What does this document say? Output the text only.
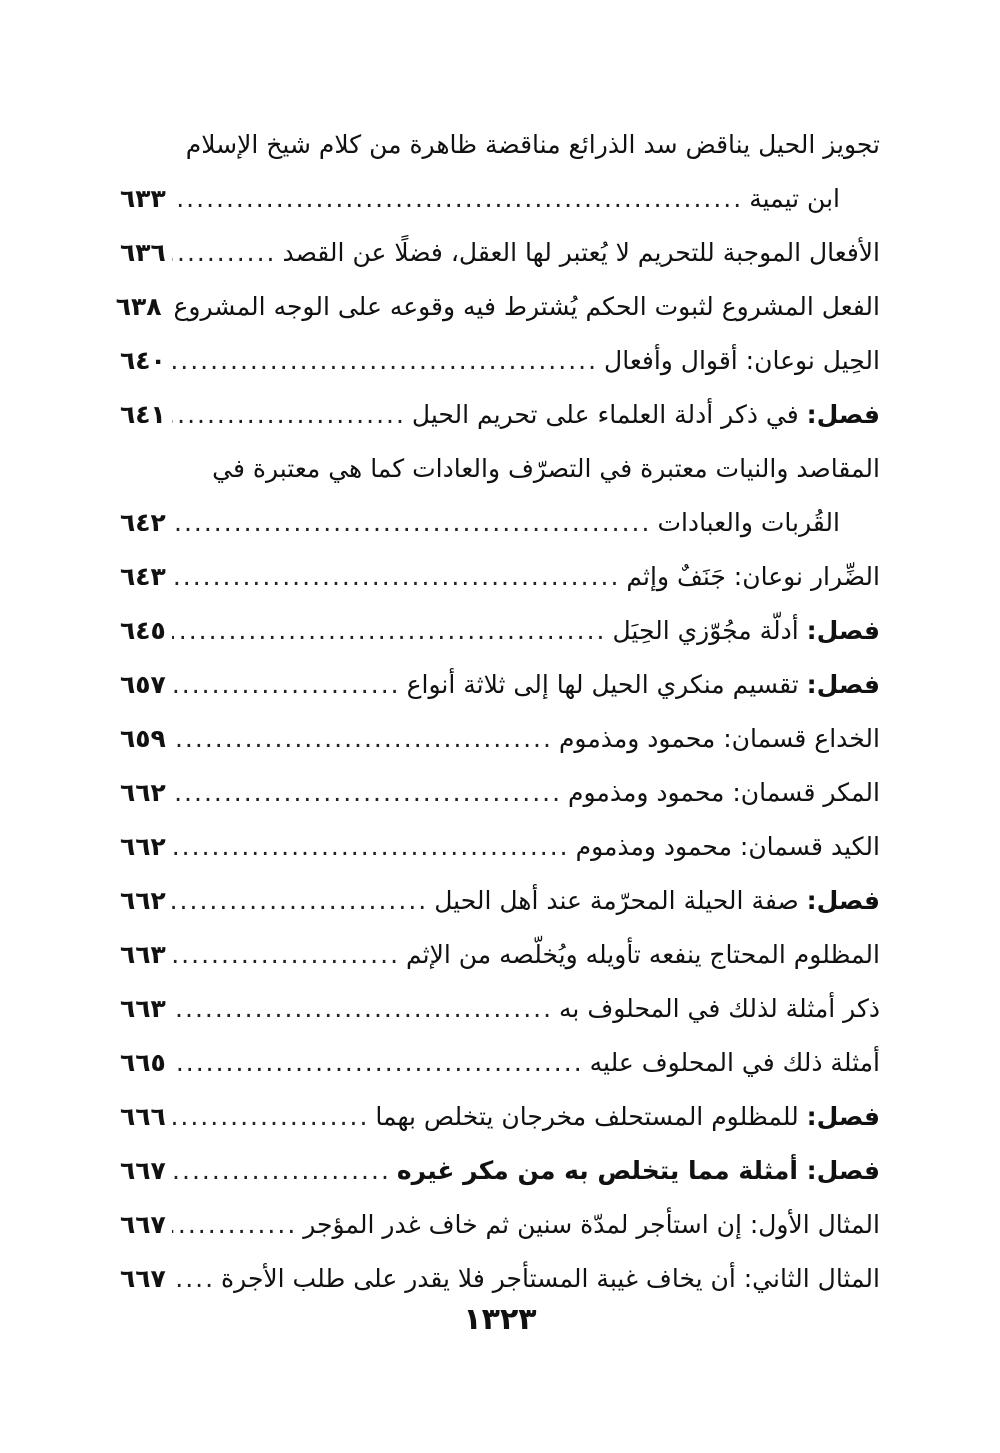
تجويز الحيل يناقض سد الذرائع مناقضة ظاهرة من كلام شيخ الإسلام
ابن تيمية
.....
٦٣٣
الأفعال الموجبة للتحريم لا يُعتبر لها العقل، فضلًا عن القصد
.....
٦٣٦
الفعل المشروع لثبوت الحكم يُشترط فيه وقوعه على الوجه المشروع
٦٣٨
الحِيل نوعان: أقوال وأفعال
.....
٦٤٠
فصل: في ذكر أدلة العلماء على تحريم الحيل
.....
٦٤١
المقاصد والنيات معتبرة في التصرّف والعادات كما هي معتبرة في
القُربات والعبادات
.....
٦٤٢
الضِّرار نوعان: جَنَفٌ وإثم
.....
٦٤٣
فصل: أدلّة مجُوّزي الحِيَل
.....
٦٤٥
فصل: تقسيم منكري الحيل لها إلى ثلاثة أنواع
.....
٦٥٧
الخداع قسمان: محمود ومذموم
.....
٦٥٩
المكر قسمان: محمود ومذموم
.....
٦٦٢
الكيد قسمان: محمود ومذموم
.....
٦٦٢
فصل: صفة الحيلة المحرّمة عند أهل الحيل
.....
٦٦٢
المظلوم المحتاج ينفعه تأويله ويُخلّصه من الإثم
.....
٦٦٣
ذكر أمثلة لذلك في المحلوف به
.....
٦٦٣
أمثلة ذلك في المحلوف عليه
.....
٦٦٥
فصل: للمظلوم المستحلف مخرجان يتخلص بهما
.....
٦٦٦
فصل: أمثلة مما يتخلص به من مكر غيره
.....
٦٦٧
المثال الأول: إن استأجر لمدّة سنين ثم خاف غدر المؤجر
.....
٦٦٧
المثال الثاني: أن يخاف غيبة المستأجر فلا يقدر على طلب الأجرة
.....
٦٦٧
١٣٢٣
